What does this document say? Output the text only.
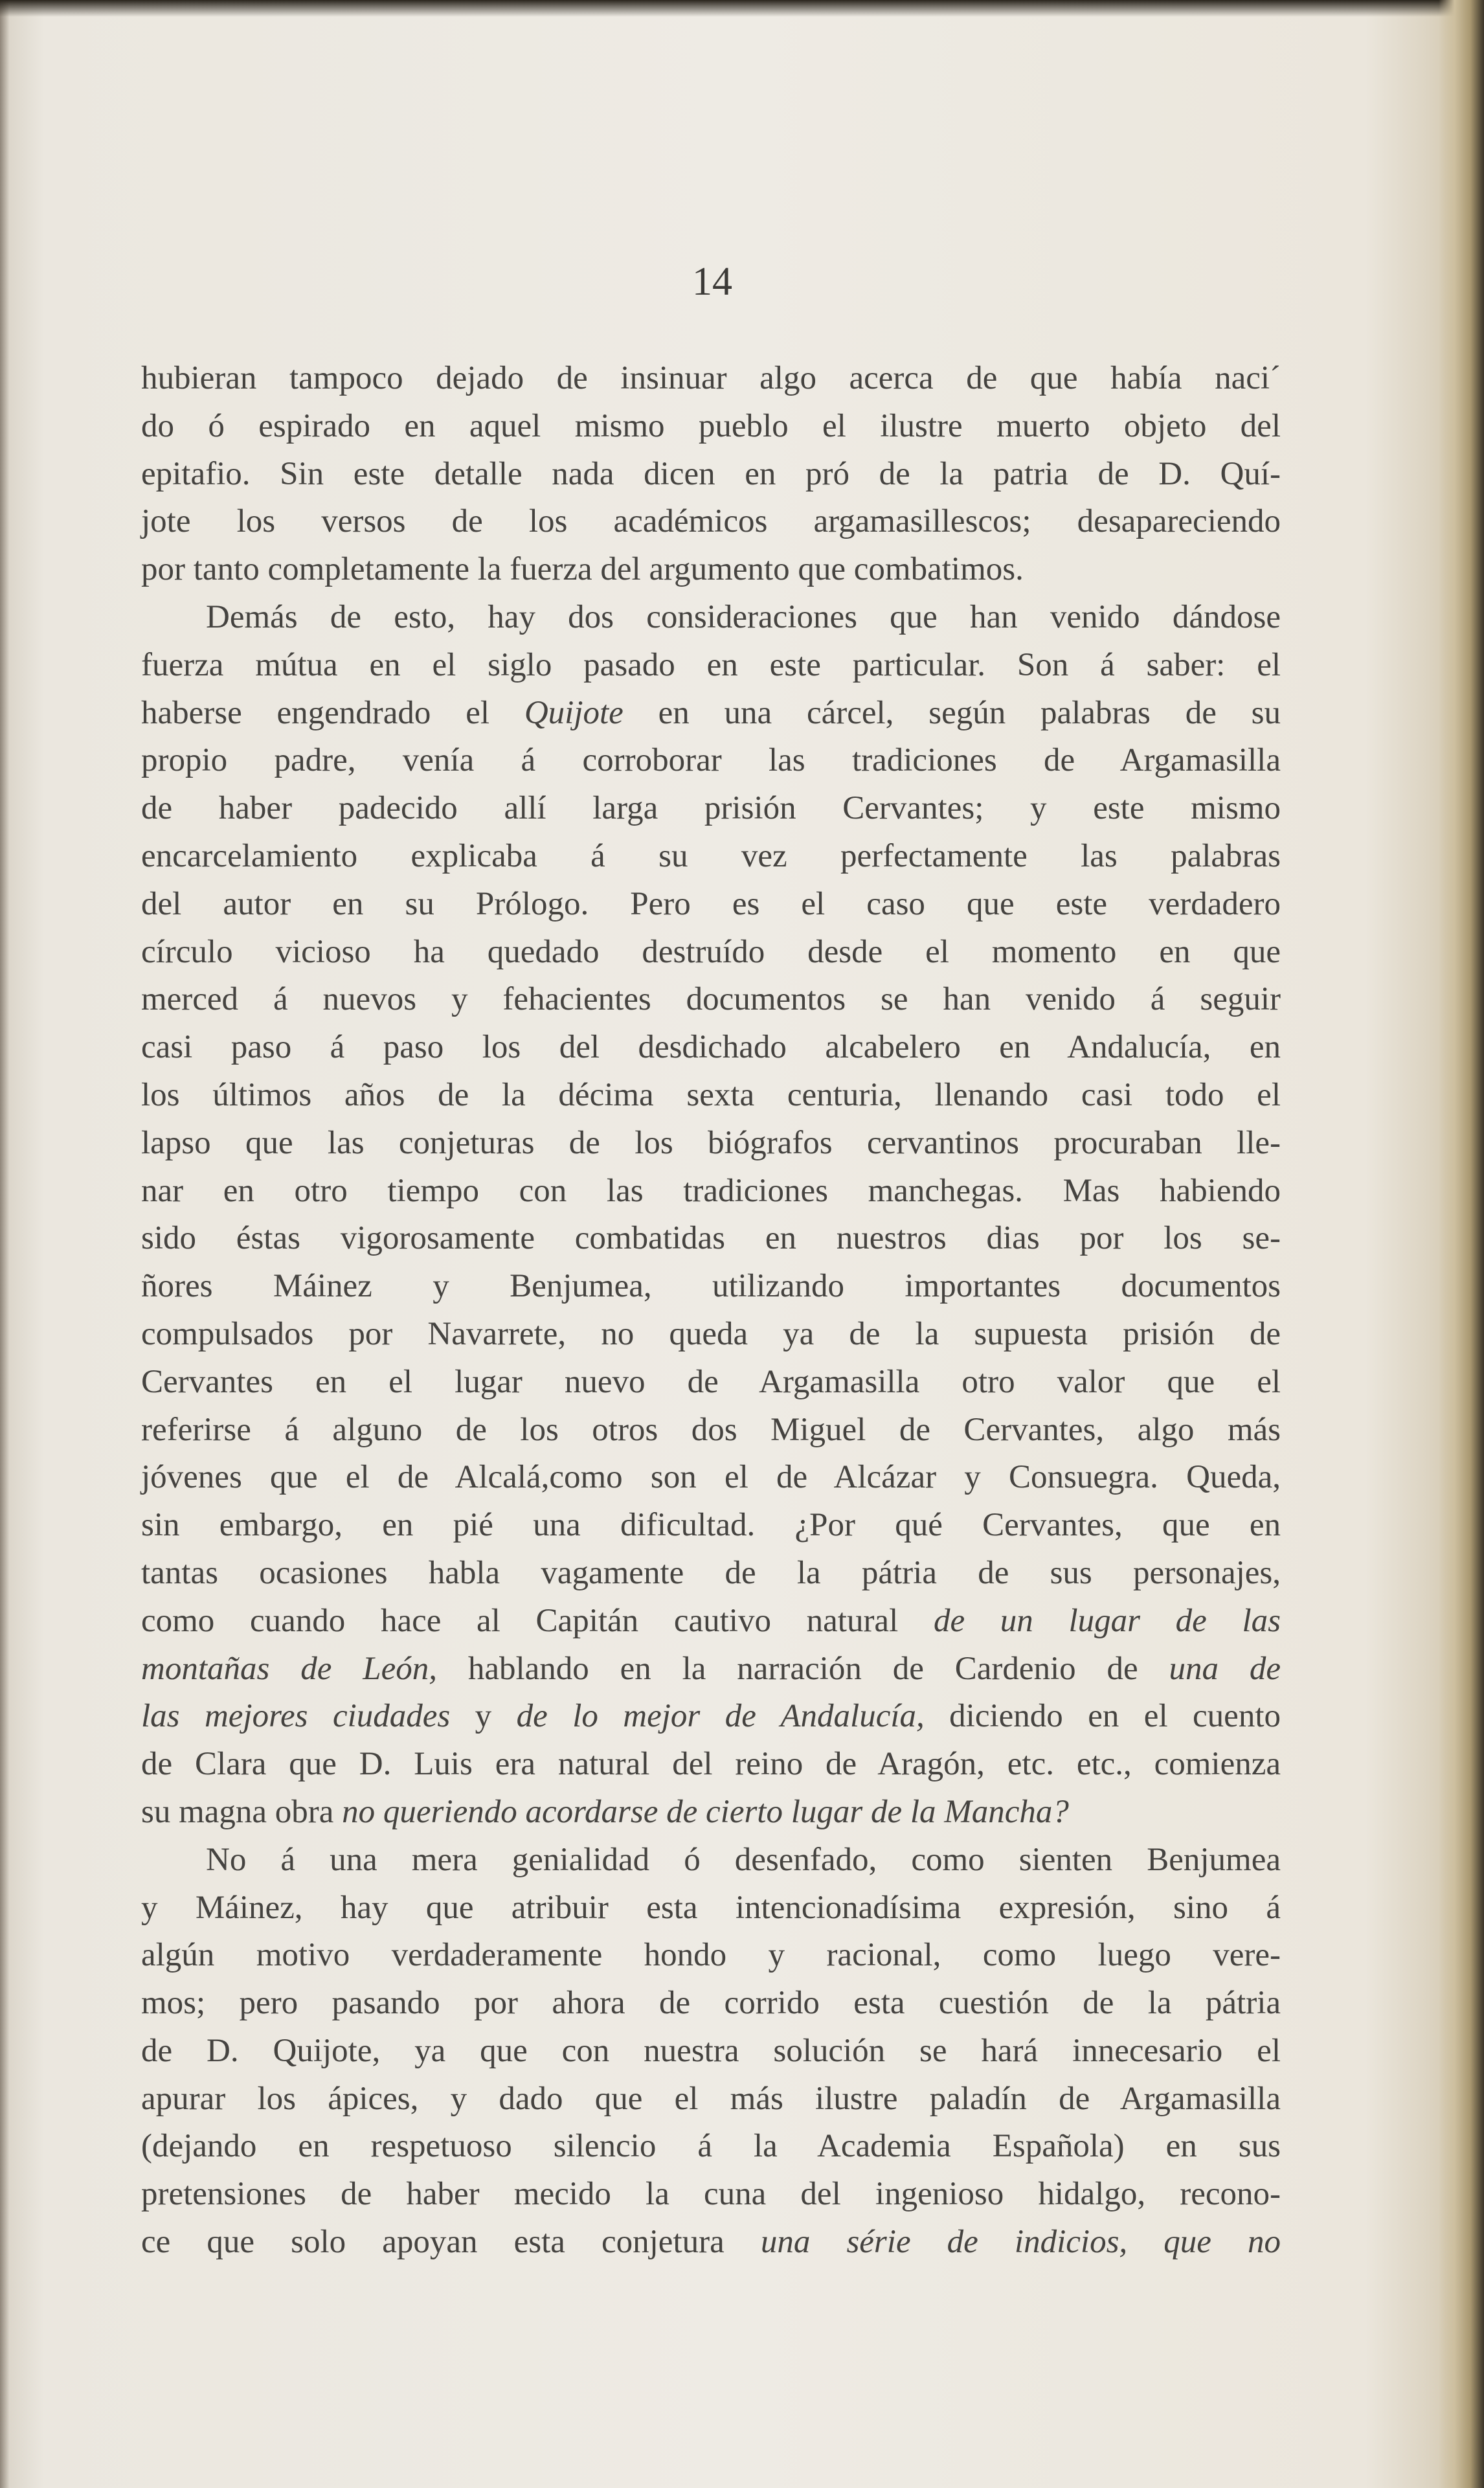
14
hubieran tampoco dejado de insinuar algo acerca de que había naci´
do ó espirado en aquel mismo pueblo el ilustre muerto objeto del
epitafio. Sin este detalle nada dicen en pró de la patria de D. Quí-
jote los versos de los académicos argamasillescos; desapareciendo
por tanto completamente la fuerza del argumento que combatimos.
Demás de esto, hay dos consideraciones que han venido dándose
fuerza mútua en el siglo pasado en este particular. Son á saber: el
haberse engendrado el Quijote en una cárcel, según palabras de su
propio padre, venía á corroborar las tradiciones de Argamasilla
de haber padecido allí larga prisión Cervantes; y este mismo
encarcelamiento explicaba á su vez perfectamente las palabras
del autor en su Prólogo. Pero es el caso que este verdadero
círculo vicioso ha quedado destruído desde el momento en que
merced á nuevos y fehacientes documentos se han venido á seguir
casi paso á paso los del desdichado alcabelero en Andalucía, en
los últimos años de la décima sexta centuria, llenando casi todo el
lapso que las conjeturas de los biógrafos cervantinos procuraban lle-
nar en otro tiempo con las tradiciones manchegas. Mas habiendo
sido éstas vigorosamente combatidas en nuestros dias por los se-
ñores Máinez y Benjumea, utilizando importantes documentos
compulsados por Navarrete, no queda ya de la supuesta prisión de
Cervantes en el lugar nuevo de Argamasilla otro valor que el
referirse á alguno de los otros dos Miguel de Cervantes, algo más
jóvenes que el de Alcalá,como son el de Alcázar y Consuegra. Queda,
sin embargo, en pié una dificultad. ¿Por qué Cervantes, que en
tantas ocasiones habla vagamente de la pátria de sus personajes,
como cuando hace al Capitán cautivo natural de un lugar de las
montañas de León, hablando en la narración de Cardenio de una de
las mejores ciudades y de lo mejor de Andalucía, diciendo en el cuento
de Clara que D. Luis era natural del reino de Aragón, etc. etc., comienza
su magna obra no queriendo acordarse de cierto lugar de la Mancha?
No á una mera genialidad ó desenfado, como sienten Benjumea
y Máinez, hay que atribuir esta intencionadísima expresión, sino á
algún motivo verdaderamente hondo y racional, como luego vere-
mos; pero pasando por ahora de corrido esta cuestión de la pátria
de D. Quijote, ya que con nuestra solución se hará innecesario el
apurar los ápices, y dado que el más ilustre paladín de Argamasilla
(dejando en respetuoso silencio á la Academia Española) en sus
pretensiones de haber mecido la cuna del ingenioso hidalgo, recono-
ce que solo apoyan esta conjetura una série de indicios, que no
